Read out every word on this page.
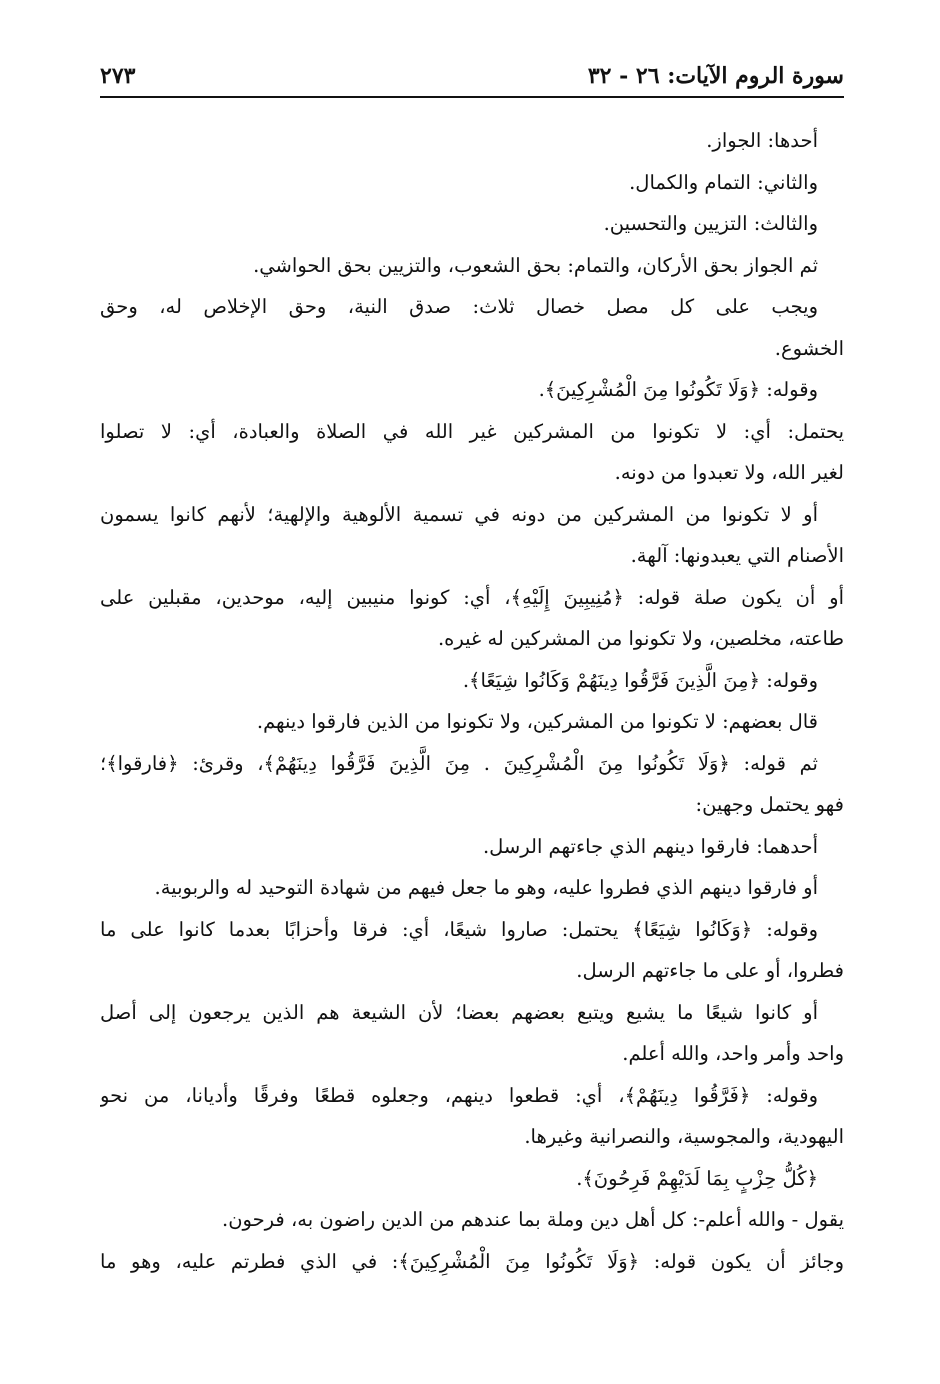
سورة الروم الآيات: ٢٦ - ٣٢
٢٧٣
أحدها: الجواز.
والثاني: التمام والكمال.
والثالث: التزيين والتحسين.
ثم الجواز بحق الأركان، والتمام: بحق الشعوب، والتزيين بحق الحواشي.
ويجب على كل مصل خصال ثلاث: صدق النية، وحق الإخلاص له، وحق
الخشوع.
وقوله: ﴿وَلَا تَكُونُوا مِنَ الْمُشْرِكِينَ﴾.
يحتمل: أي: لا تكونوا من المشركين غير الله في الصلاة والعبادة، أي: لا تصلوا
لغير الله، ولا تعبدوا من دونه.
أو لا تكونوا من المشركين من دونه في تسمية الألوهية والإلهية؛ لأنهم كانوا يسمون
الأصنام التي يعبدونها: آلهة.
أو أن يكون صلة قوله: ﴿مُنِيبِينَ إِلَيْهِ﴾، أي: كونوا منيبين إليه، موحدين، مقبلين على
طاعته، مخلصين، ولا تكونوا من المشركين له غيره.
وقوله: ﴿مِنَ الَّذِينَ فَرَّقُوا دِينَهُمْ وَكَانُوا شِيَعًا﴾.
قال بعضهم: لا تكونوا من المشركين، ولا تكونوا من الذين فارقوا دينهم.
ثم قوله: ﴿وَلَا تَكُونُوا مِنَ الْمُشْرِكِينَ . مِنَ الَّذِينَ فَرَّقُوا دِينَهُمْ﴾، وقرئ: ﴿فارقوا﴾؛
فهو يحتمل وجهين:
أحدهما: فارقوا دينهم الذي جاءتهم الرسل.
أو فارقوا دينهم الذي فطروا عليه، وهو ما جعل فيهم من شهادة التوحيد له والربوبية.
وقوله: ﴿وَكَانُوا شِيَعًا﴾ يحتمل: صاروا شيعًا، أي: فرقا وأحزابًا بعدما كانوا على ما
فطروا، أو على ما جاءتهم الرسل.
أو كانوا شيعًا ما يشيع ويتبع بعضهم بعضا؛ لأن الشيعة هم الذين يرجعون إلى أصل
واحد وأمر واحد، والله أعلم.
وقوله: ﴿فَرَّقُوا دِينَهُمْ﴾، أي: قطعوا دينهم، وجعلوه قطعًا وفرقًا وأديانا، من نحو
اليهودية، والمجوسية، والنصرانية وغيرها.
﴿كُلُّ حِزْبٍ بِمَا لَدَيْهِمْ فَرِحُونَ﴾.
يقول - والله أعلم-: كل أهل دين وملة بما عندهم من الدين راضون به، فرحون.
وجائز أن يكون قوله: ﴿وَلَا تَكُونُوا مِنَ الْمُشْرِكِينَ﴾: في الذي فطرتم عليه، وهو ما
